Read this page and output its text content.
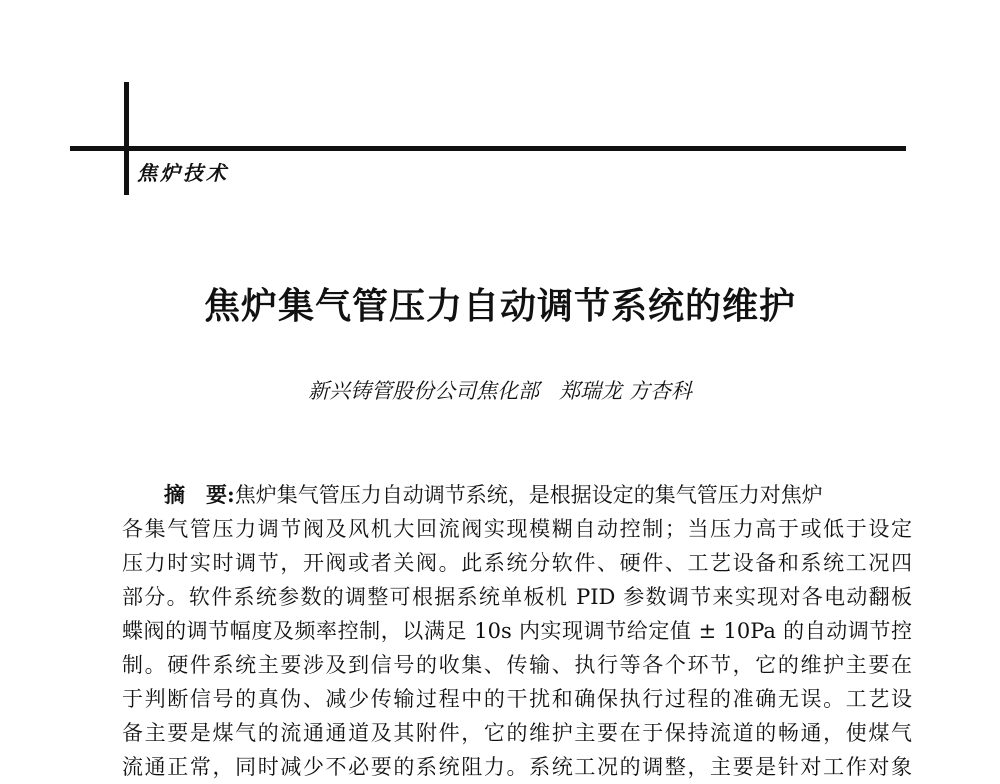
焦炉技术
焦炉集气管压力自动调节系统的维护
新兴铸管股份公司焦化部 郑瑞龙 方杏科
摘　要:焦炉集气管压力自动调节系统，是根据设定的集气管压力对焦炉
各集气管压力调节阀及风机大回流阀实现模糊自动控制；当压力高于或低于设定
压力时实时调节，开阀或者关阀。此系统分软件、硬件、工艺设备和系统工况四
部分。软件系统参数的调整可根据系统单板机 PID 参数调节来实现对各电动翻板
蝶阀的调节幅度及频率控制，以满足 10s 内实现调节给定值 ± 10Pa 的自动调节控
制。硬件系统主要涉及到信号的收集、传输、执行等各个环节，它的维护主要在
于判断信号的真伪、减少传输过程中的干扰和确保执行过程的准确无误。工艺设
备主要是煤气的流通通道及其附件，它的维护主要在于保持流道的畅通，使煤气
流通正常，同时减少不必要的系统阻力。系统工况的调整，主要是针对工作对象
